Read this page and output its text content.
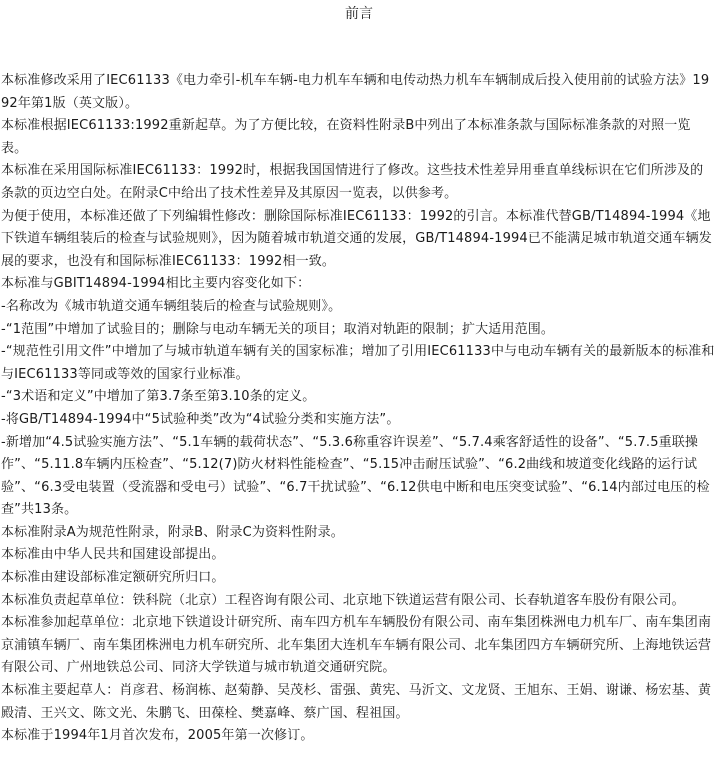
前言

本标准修改采用了IEC61133《电力牵引-机车车辆-电力机车车辆和电传动热力机车车辆制成后投入使用前的试验方法》1992年第1版（英文版）。

本标准根据IEC61133:1992重新起草。为了方便比较，在资料性附录B中列出了本标准条款与国际标准条款的对照一览表。

本标准在采用国际标准IEC61133：1992时，根据我国国情进行了修改。这些技术性差异用垂直单线标识在它们所涉及的条款的页边空白处。在附录C中给出了技术性差异及其原因一览表，以供参考。

为便于使用，本标准还做了下列编辑性修改：删除国际标准IEC61133：1992的引言。本标准代替GB/T14894-1994《地下铁道车辆组装后的检查与试验规则》，因为随着城市轨道交通的发展，GB/T14894-1994已不能满足城市轨道交通车辆发展的要求，也没有和国际标准IEC61133：1992相一致。

本标准与GBIT14894-1994相比主要内容变化如下：

-名称改为《城市轨道交通车辆组装后的检查与试验规则》。

-“1范围”中增加了试验目的；删除与电动车辆无关的项目；取消对轨距的限制；扩大适用范围。

-“规范性引用文件”中增加了与城市轨道车辆有关的国家标准；增加了引用IEC61133中与电动车辆有关的最新版本的标准和与IEC61133等同或等效的国家行业标准。

-“3术语和定义”中增加了第3.7条至第3.10条的定义。

-将GB/T14894-1994中“5试验种类”改为“4试验分类和实施方法”。

-新增加“4.5试验实施方法”、“5.1车辆的载荷状态”、“5.3.6称重容许误差”、“5.7.4乘客舒适性的设备”、“5.7.5重联操作”、“5.11.8车辆内压检查”、“5.12(7)防火材料性能检查”、“5.15冲击耐压试验”、“6.2曲线和坡道变化线路的运行试验”、“6.3受电装置（受流器和受电弓）试验”、“6.7干扰试验”、“6.12供电中断和电压突变试验”、“6.14内部过电压的检查”共13条。

本标准附录A为规范性附录，附录B、附录C为资料性附录。

本标准由中华人民共和国建设部提出。

本标准由建设部标准定额研究所归口。

本标准负责起草单位：铁科院（北京）工程咨询有限公司、北京地下铁道运营有限公司、长春轨道客车股份有限公司。

本标准参加起草单位：北京地下铁道设计研究所、南车四方机车车辆股份有限公司、南车集团株洲电力机车厂、南车集团南京浦镇车辆厂、南车集团株洲电力机车研究所、北车集团大连机车车辆有限公司、北车集团四方车辆研究所、上海地铁运营有限公司、广州地铁总公司、同济大学铁道与城市轨道交通研究院。

本标准主要起草人：肖彦君、杨润栋、赵菊静、吴茂杉、雷强、黄宪、马沂文、文龙贤、王旭东、王娟、谢谦、杨宏基、黄殿清、王兴文、陈文光、朱鹏飞、田葆栓、樊嘉峰、蔡广国、程祖国。

本标准于1994年1月首次发布，2005年第一次修订。
